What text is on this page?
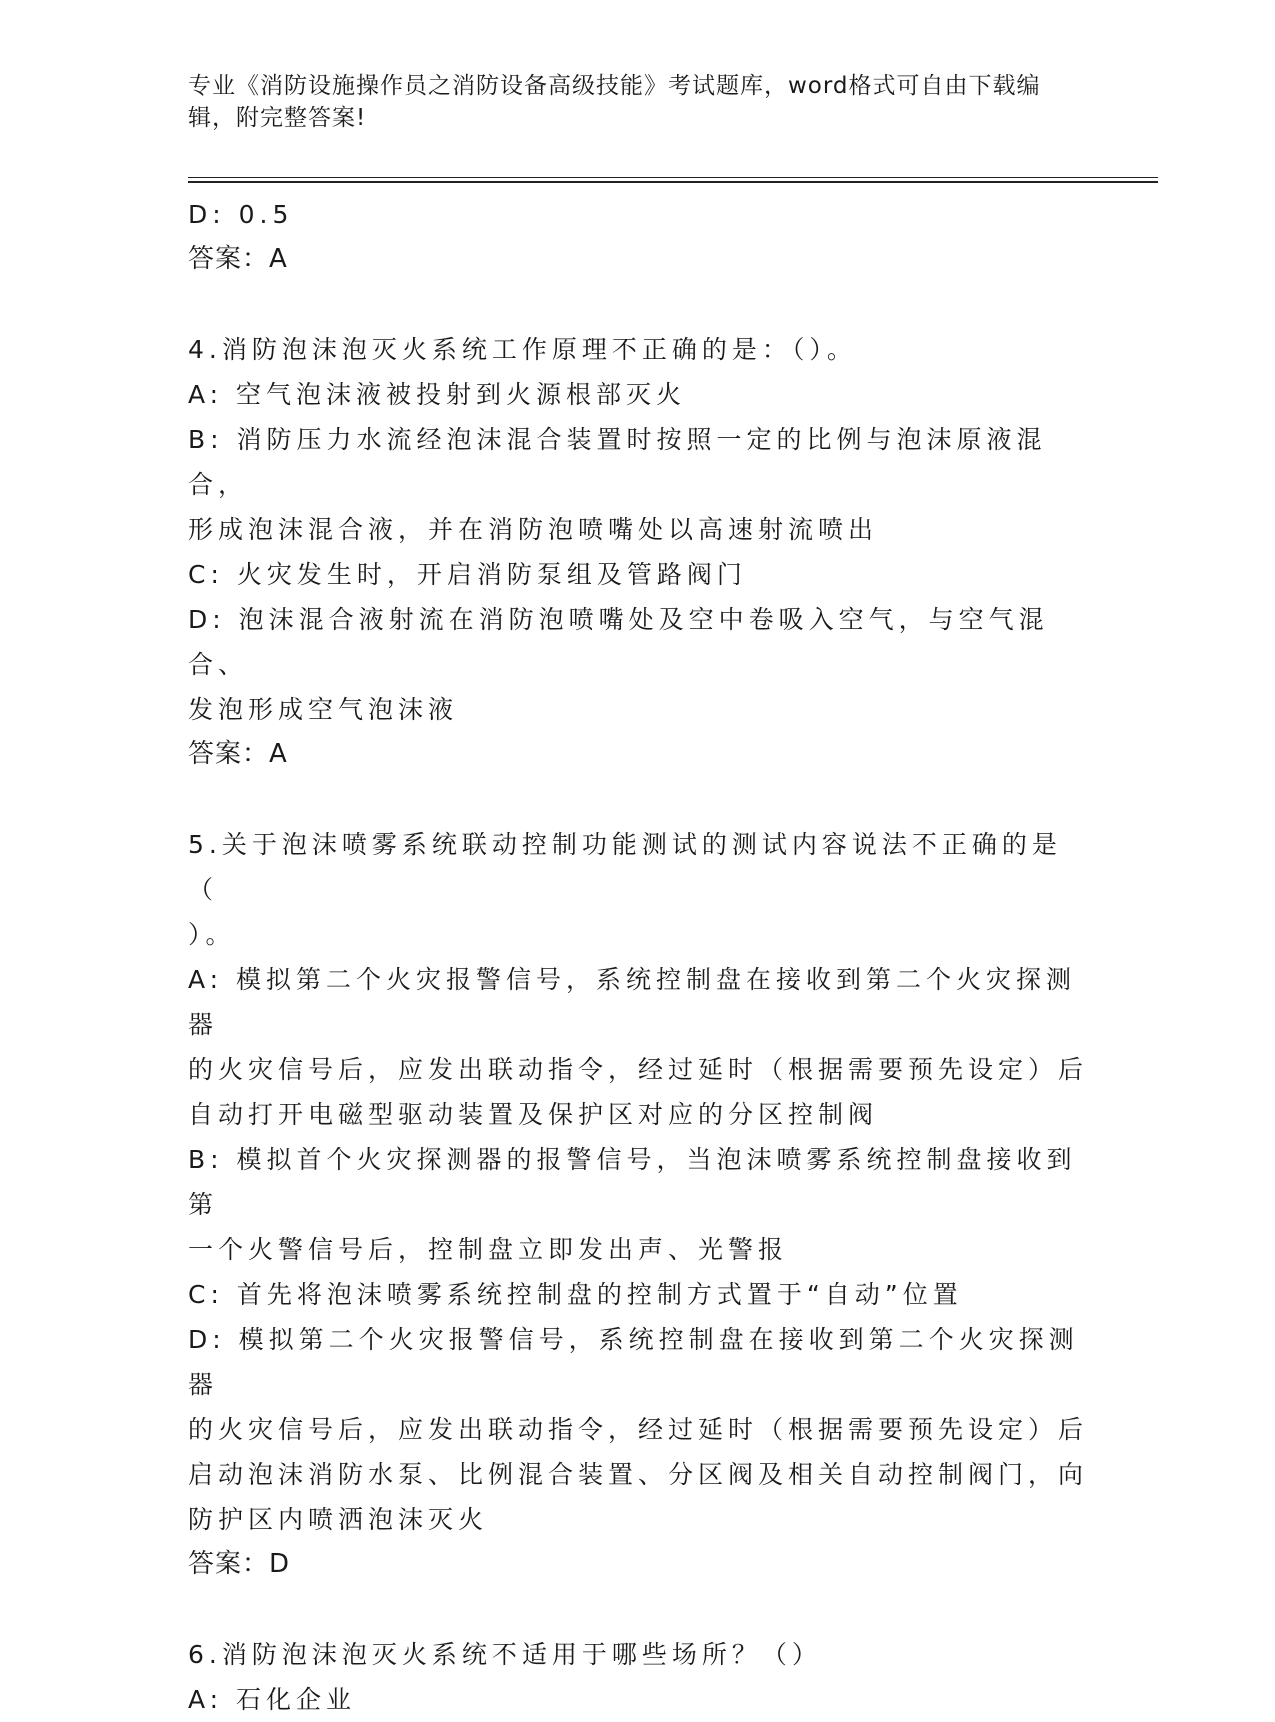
专业《消防设施操作员之消防设备高级技能》考试题库，word格式可自由下载编
辑，附完整答案!
D: 0.5
答案：A
4.消防泡沫泡灭火系统工作原理不正确的是：（）。
A: 空气泡沫液被投射到火源根部灭火
B: 消防压力水流经泡沫混合装置时按照一定的比例与泡沫原液混合，
形成泡沫混合液，并在消防泡喷嘴处以高速射流喷出
C: 火灾发生时，开启消防泵组及管路阀门
D: 泡沫混合液射流在消防泡喷嘴处及空中卷吸入空气，与空气混合、
发泡形成空气泡沫液
答案：A
5.关于泡沫喷雾系统联动控制功能测试的测试内容说法不正确的是（
）。
A: 模拟第二个火灾报警信号，系统控制盘在接收到第二个火灾探测器
的火灾信号后，应发出联动指令，经过延时（根据需要预先设定）后
自动打开电磁型驱动装置及保护区对应的分区控制阀
B: 模拟首个火灾探测器的报警信号，当泡沫喷雾系统控制盘接收到第
一个火警信号后，控制盘立即发出声、光警报
C: 首先将泡沫喷雾系统控制盘的控制方式置于“自动”位置
D: 模拟第二个火灾报警信号，系统控制盘在接收到第二个火灾探测器
的火灾信号后，应发出联动指令，经过延时（根据需要预先设定）后
启动泡沫消防水泵、比例混合装置、分区阀及相关自动控制阀门，向
防护区内喷洒泡沫灭火
答案：D
6.消防泡沫泡灭火系统不适用于哪些场所？（）
A: 石化企业
